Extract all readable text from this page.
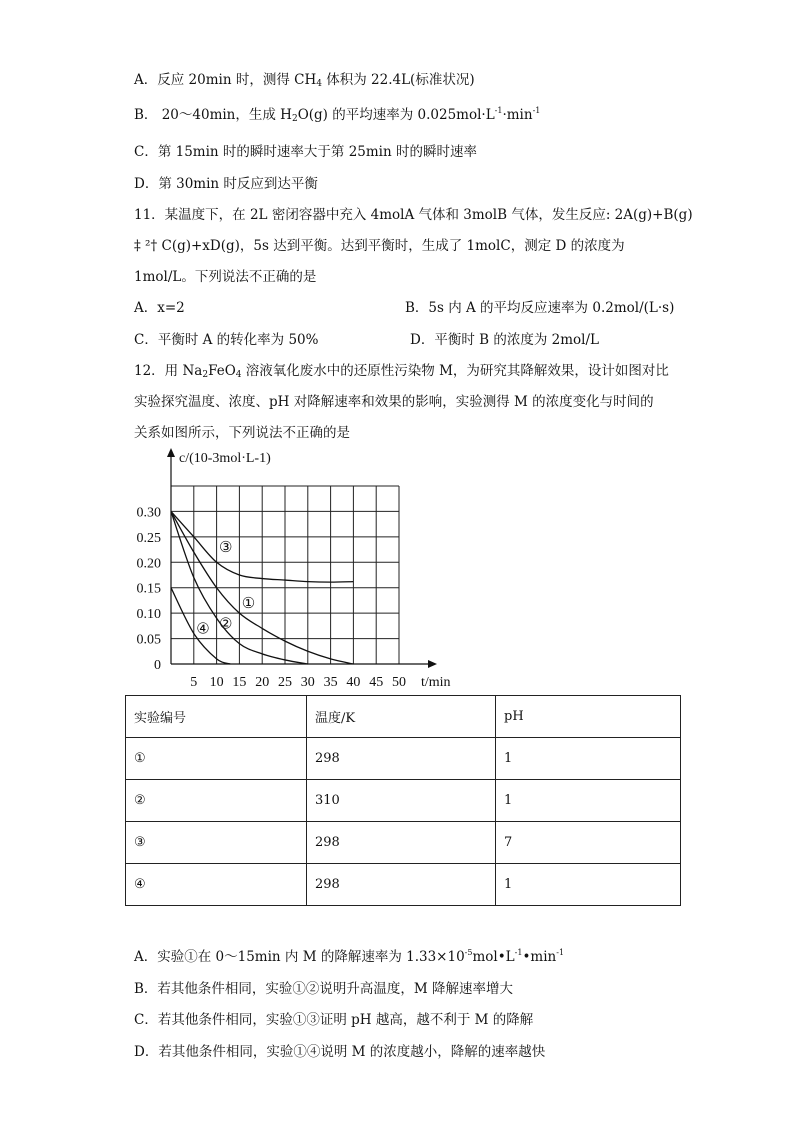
A．反应 20min 时，测得 $CH_4$ 体积为 22.4L(标准状况)
B． 20～40min，生成 $H_2O(g)$ 的平均速率为 $0.025mol\cdot L^{-1}\cdot\min^{-1}$
C．第 15min 时的瞬时速率大于第 25min 时的瞬时速率
D．第 30min 时反应到达平衡
11．某温度下，在 2L 密闭容器中充入 4molA 气体和 3molB 气体，发生反应: 2A(g)+B(g)
‡ ²† C(g)+xD(g)，5s 达到平衡。达到平衡时，生成了 1molC，测定 D 的浓度为
1mol/L。下列说法不正确的是
A．x=2	B．5s 内 A 的平均反应速率为 0.2mol/(L·s)
C．平衡时 A 的转化率为 50%	D．平衡时 B 的浓度为 2mol/L
12．用 $Na_2FeO_4$ 溶液氧化废水中的还原性污染物 M，为研究其降解效果，设计如图对比
实验探究温度、浓度、pH 对降解速率和效果的影响，实验测得 M 的浓度变化与时间的
关系如图所示，下列说法不正确的是
0
0.05
0.10
0.15
0.20
0.25
0.30
5 10 15 20 25 30 35 40 45 50
c/(10-3mol·L-1)
t/min
③
①
②
④
实验编号	温度/K	pH
①	298	1
②	310	1
③	298	7
④	298	1
A．实验①在 0～15min 内 M 的降解速率为 $1.33\times 10^{-5}mol•L^{-1}•\min^{-1}$
B．若其他条件相同，实验①②说明升高温度，M 降解速率增大
C．若其他条件相同，实验①③证明 pH 越高，越不利于 M 的降解
D．若其他条件相同，实验①④说明 M 的浓度越小，降解的速率越快
